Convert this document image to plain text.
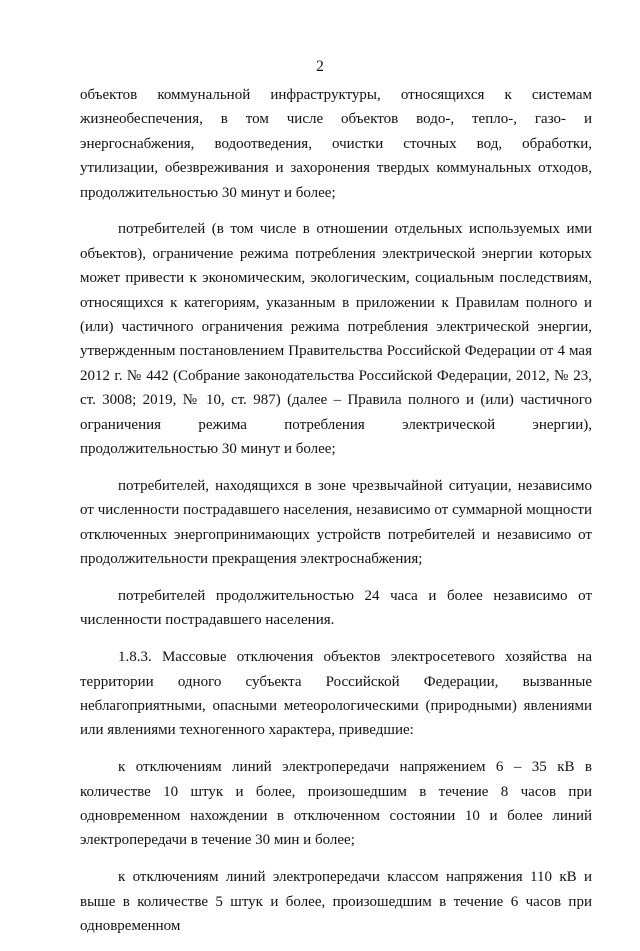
2

объектов коммунальной инфраструктуры, относящихся к системам жизнеобеспечения, в том числе объектов водо-, тепло-, газо- и энергоснабжения, водоотведения, очистки сточных вод, обработки, утилизации, обезвреживания и захоронения твердых коммунальных отходов, продолжительностью 30 минут и более;

потребителей (в том числе в отношении отдельных используемых ими объектов), ограничение режима потребления электрической энергии которых может привести к экономическим, экологическим, социальным последствиям, относящихся к категориям, указанным в приложении к Правилам полного и (или) частичного ограничения режима потребления электрической энергии, утвержденным постановлением Правительства Российской Федерации от 4 мая 2012 г. № 442 (Собрание законодательства Российской Федерации, 2012, № 23, ст. 3008; 2019, № 10, ст. 987) (далее – Правила полного и (или) частичного ограничения режима потребления электрической энергии), продолжительностью 30 минут и более;

потребителей, находящихся в зоне чрезвычайной ситуации, независимо от численности пострадавшего населения, независимо от суммарной мощности отключенных энергопринимающих устройств потребителей и независимо от продолжительности прекращения электроснабжения;

потребителей продолжительностью 24 часа и более независимо от численности пострадавшего населения.

1.8.3. Массовые отключения объектов электросетевого хозяйства на территории одного субъекта Российской Федерации, вызванные неблагоприятными, опасными метеорологическими (природными) явлениями или явлениями техногенного характера, приведшие:

к отключениям линий электропередачи напряжением 6 – 35 кВ в количестве 10 штук и более, произошедшим в течение 8 часов при одновременном нахождении в отключенном состоянии 10 и более линий электропередачи в течение 30 мин и более;

к отключениям линий электропередачи классом напряжения 110 кВ и выше в количестве 5 штук и более, произошедшим в течение 6 часов при одновременном
